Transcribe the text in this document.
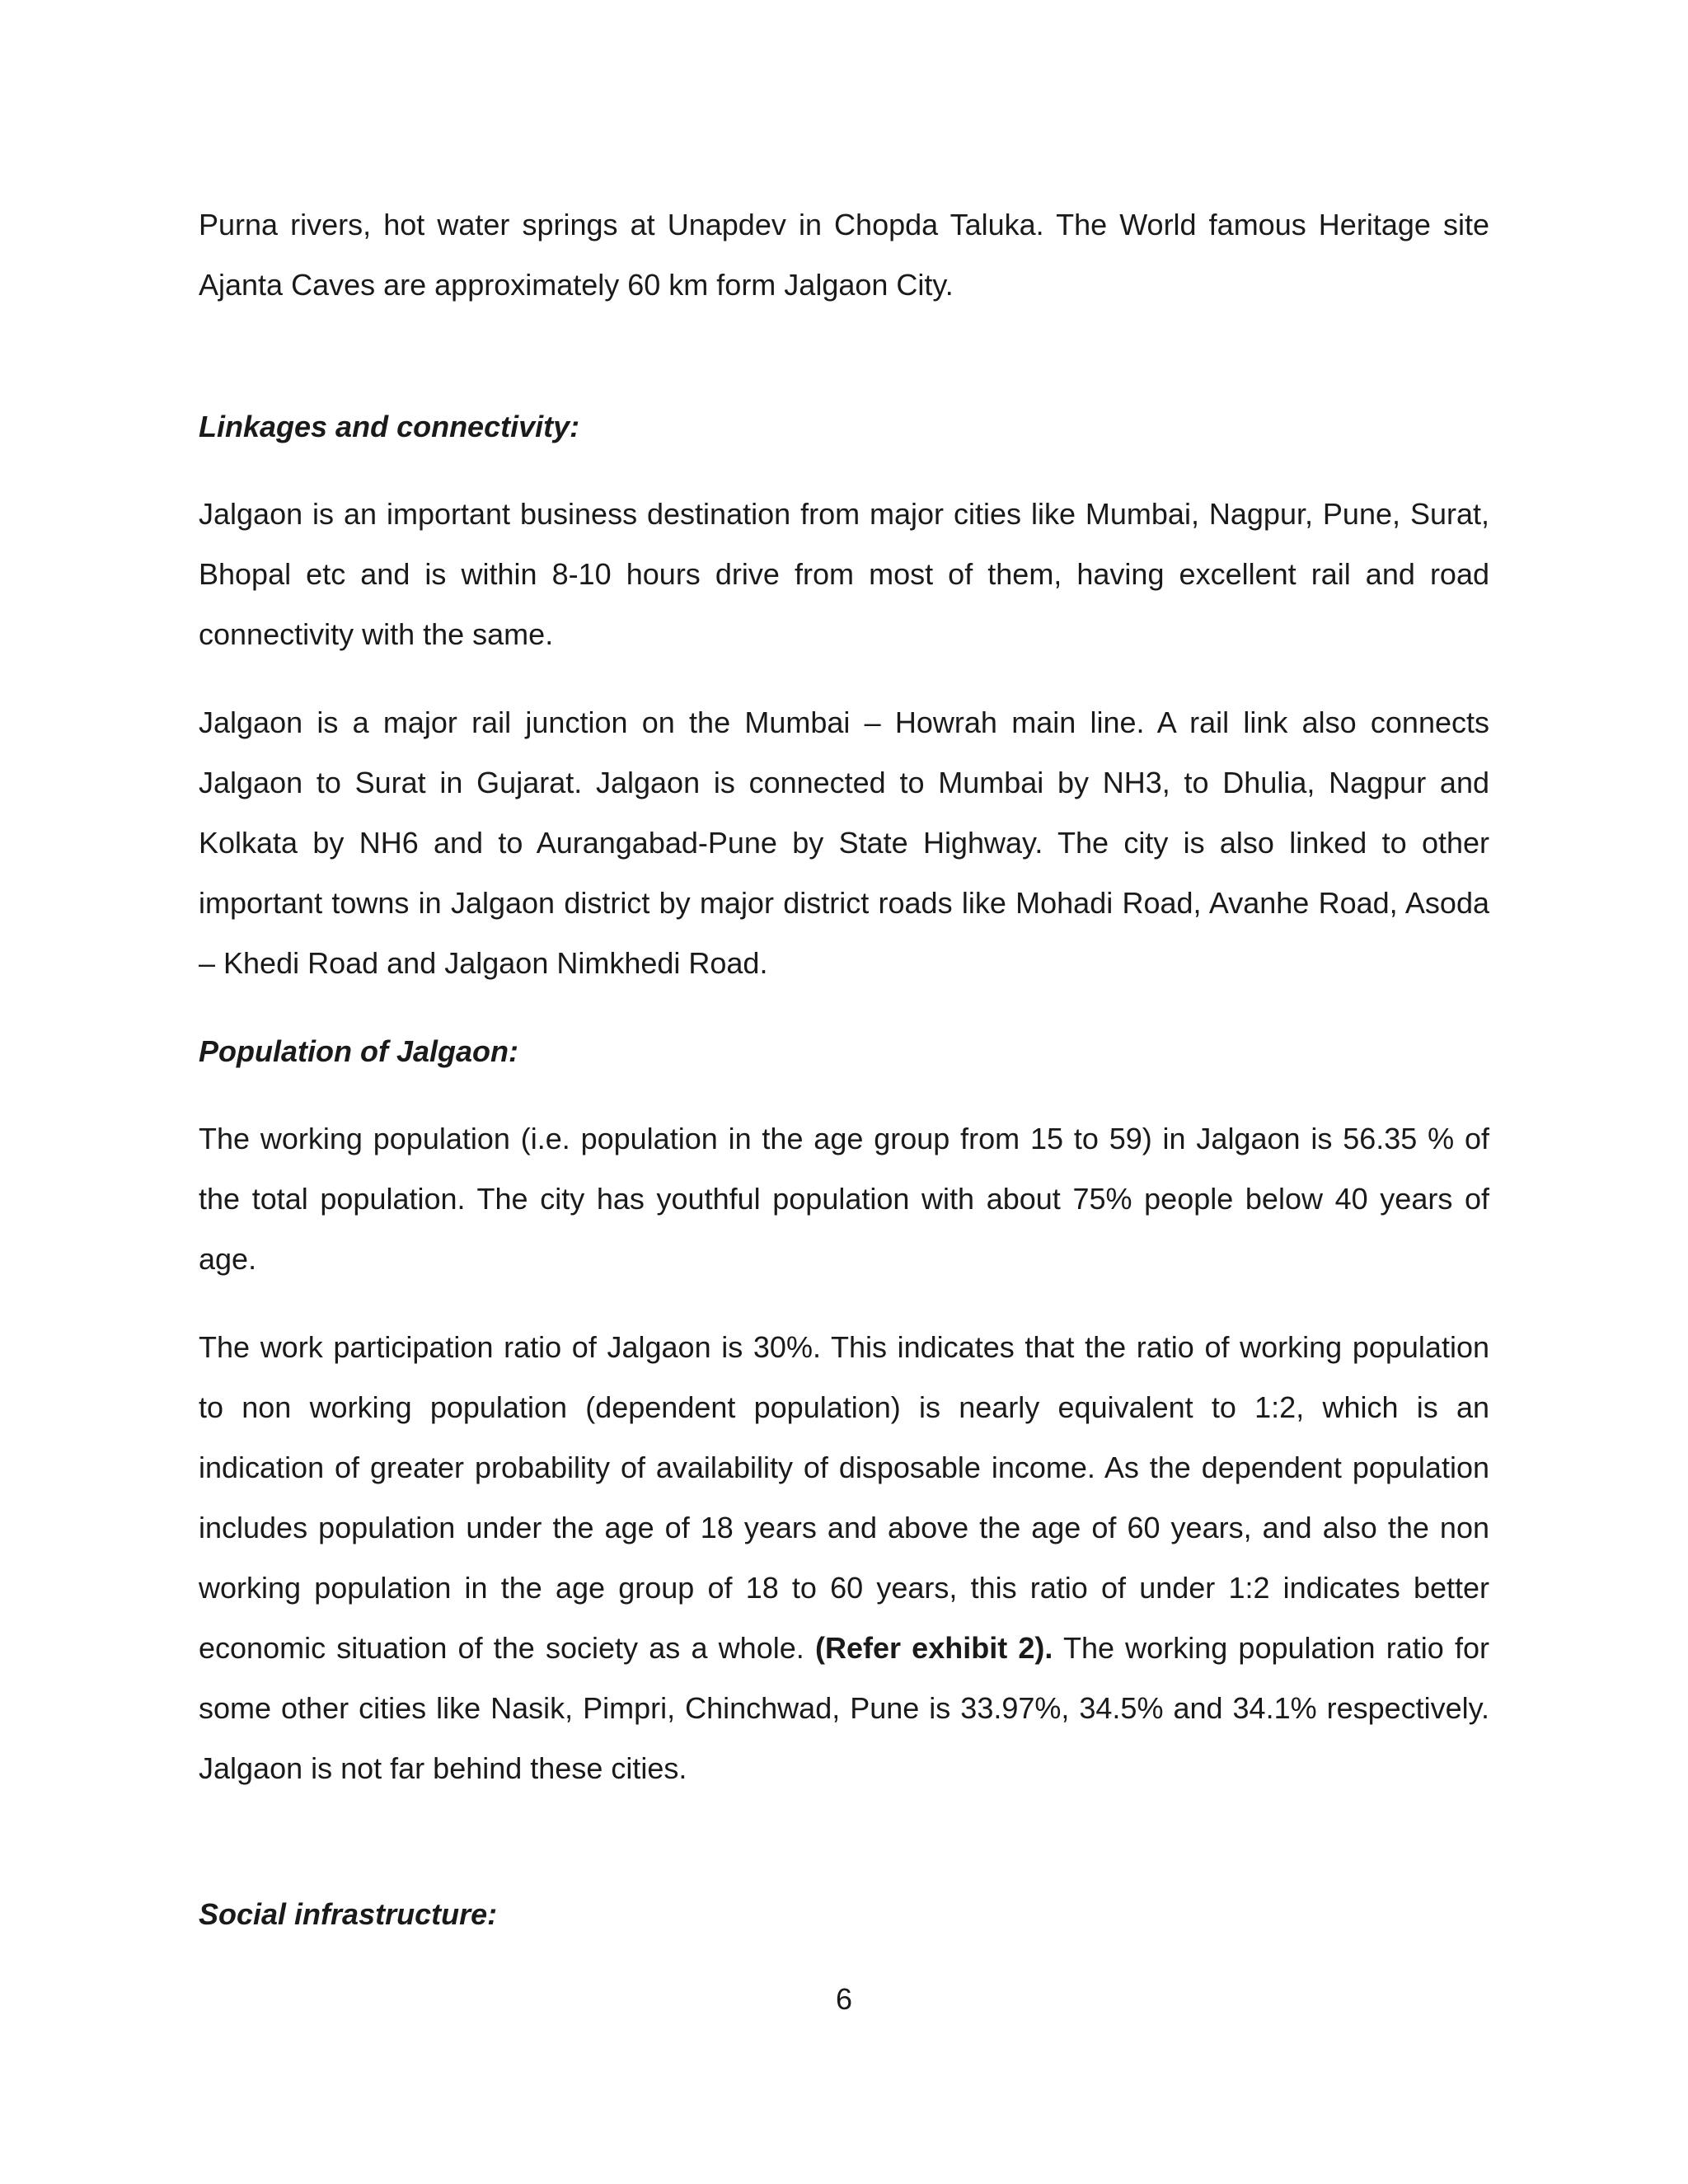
Purna rivers, hot water springs at Unapdev in Chopda Taluka. The World famous Heritage site Ajanta Caves are approximately 60 km form Jalgaon City.

Linkages and connectivity:

Jalgaon is an important business destination from major cities like Mumbai, Nagpur, Pune, Surat, Bhopal etc and is within 8-10 hours drive from most of them, having excellent rail and road connectivity with the same.

Jalgaon is a major rail junction on the Mumbai – Howrah main line. A rail link also connects Jalgaon to Surat in Gujarat. Jalgaon is connected to Mumbai by NH3, to Dhulia, Nagpur and Kolkata by NH6 and to Aurangabad-Pune by State Highway. The city is also linked to other important towns in Jalgaon district by major district roads like Mohadi Road, Avanhe Road, Asoda – Khedi Road and Jalgaon Nimkhedi Road.

Population of Jalgaon:

The working population (i.e. population in the age group from 15 to 59) in Jalgaon is 56.35 % of the total population. The city has youthful population with about 75% people below 40 years of age.

The work participation ratio of Jalgaon is 30%. This indicates that the ratio of working population to non working population (dependent population) is nearly equivalent to 1:2, which is an indication of greater probability of availability of disposable income. As the dependent population includes population under the age of 18 years and above the age of 60 years, and also the non working population in the age group of 18 to 60 years, this ratio of under 1:2 indicates better economic situation of the society as a whole. (Refer exhibit 2). The working population ratio for some other cities like Nasik, Pimpri, Chinchwad, Pune is 33.97%, 34.5% and 34.1% respectively. Jalgaon is not far behind these cities.

Social infrastructure:
6
